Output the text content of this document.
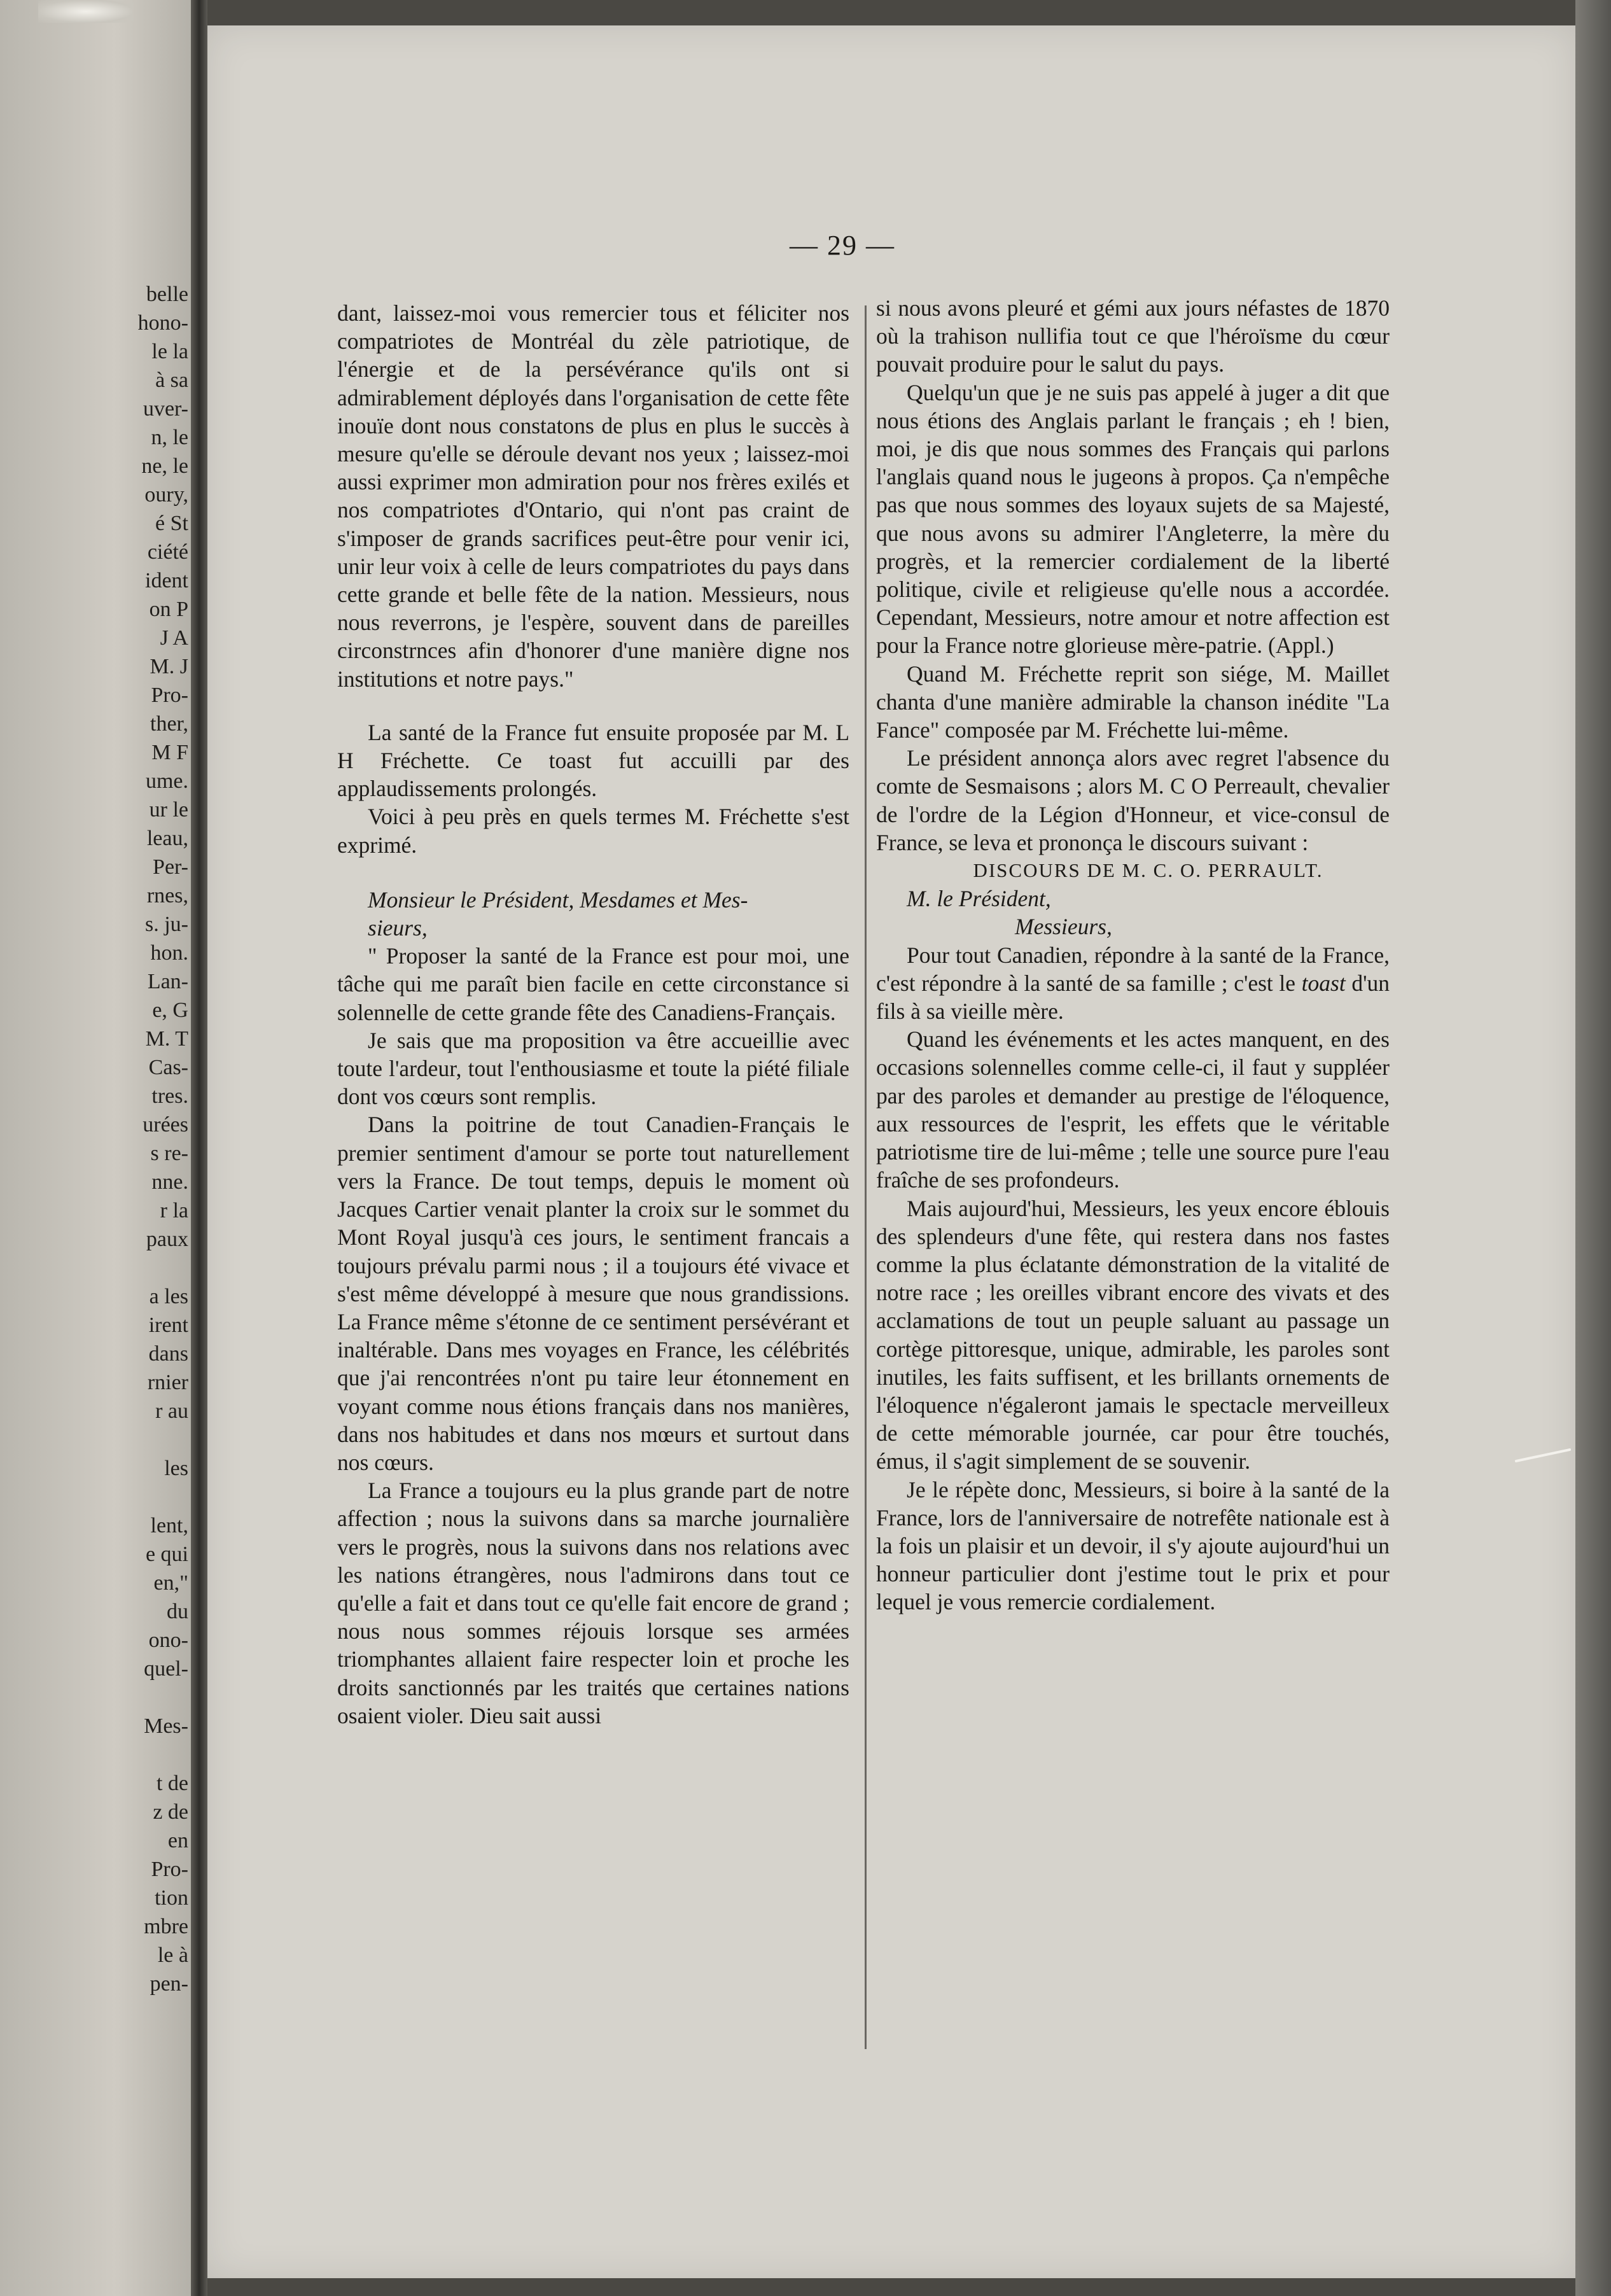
belle
hono-
le la
à sa
uver-
n, le
ne, le
oury,
é St
ciété
ident
on P
J A
M. J
Pro-
ther,
M F
ume.
ur le
leau,
Per-
rnes,
s. ju-
hon.
Lan-
e, G
M. T
Cas-
tres.
urées
s re-
nne.
r la
paux
a les
irent
dans
rnier
r au
les
lent,
e qui
en,"
du
ono-
quel-
Mes-
t de
z de
en
Pro-
tion
mbre
le à
pen-
— 29 —

dant, laissez-moi vous remercier tous et féliciter nos compatriotes de Montréal du zèle patriotique, de l'énergie et de la persévérance qu'ils ont si admirablement déployés dans l'organisation de cette fête inouïe dont nous constatons de plus en plus le succès à mesure qu'elle se déroule devant nos yeux ; laissez-moi aussi exprimer mon admiration pour nos frères exilés et nos compatriotes d'Ontario, qui n'ont pas craint de s'imposer de grands sacrifices peut-être pour venir ici, unir leur voix à celle de leurs compatriotes du pays dans cette grande et belle fête de la nation. Messieurs, nous nous reverrons, je l'espère, souvent dans de pareilles circonstrnces afin d'honorer d'une manière digne nos institutions et notre pays."

La santé de la France fut ensuite proposée par M. L H Fréchette. Ce toast fut accuilli par des applaudissements prolongés.

Voici à peu près en quels termes M. Fréchette s'est exprimé.

Monsieur le Président, Mesdames et Mes-
sieurs,

" Proposer la santé de la France est pour moi, une tâche qui me paraît bien facile en cette circonstance si solennelle de cette grande fête des Canadiens-Français.

Je sais que ma proposition va être accueillie avec toute l'ardeur, tout l'enthousiasme et toute la piété filiale dont vos cœurs sont remplis.

Dans la poitrine de tout Canadien-Français le premier sentiment d'amour se porte tout naturellement vers la France. De tout temps, depuis le moment où Jacques Cartier venait planter la croix sur le sommet du Mont Royal jusqu'à ces jours, le sentiment francais a toujours prévalu parmi nous ; il a toujours été vivace et s'est même développé à mesure que nous grandissions. La France même s'étonne de ce sentiment persévérant et inaltérable. Dans mes voyages en France, les célébrités que j'ai rencontrées n'ont pu taire leur étonnement en voyant comme nous étions français dans nos manières, dans nos habitudes et dans nos mœurs et surtout dans nos cœurs.

La France a toujours eu la plus grande part de notre affection ; nous la suivons dans sa marche journalière vers le progrès, nous la suivons dans nos relations avec les nations étrangères, nous l'admirons dans tout ce qu'elle a fait et dans tout ce qu'elle fait encore de grand ; nous nous sommes réjouis lorsque ses armées triomphantes allaient faire respecter loin et proche les droits sanctionnés par les traités que certaines nations osaient violer. Dieu sait aussi

si nous avons pleuré et gémi aux jours néfastes de 1870 où la trahison nullifia tout ce que l'héroïsme du cœur pouvait produire pour le salut du pays.

Quelqu'un que je ne suis pas appelé à juger a dit que nous étions des Anglais parlant le français ; eh ! bien, moi, je dis que nous sommes des Français qui parlons l'anglais quand nous le jugeons à propos. Ça n'empêche pas que nous sommes des loyaux sujets de sa Majesté, que nous avons su admirer l'Angleterre, la mère du progrès, et la remercier cordialement de la liberté politique, civile et religieuse qu'elle nous a accordée. Cependant, Messieurs, notre amour et notre affection est pour la France notre glorieuse mère-patrie. (Appl.)

Quand M. Fréchette reprit son siége, M. Maillet chanta d'une manière admirable la chanson inédite "La Fance" composée par M. Fréchette lui-même.

Le président annonça alors avec regret l'absence du comte de Sesmaisons ; alors M. C O Perreault, chevalier de l'ordre de la Légion d'Honneur, et vice-consul de France, se leva et prononça le discours suivant :

DISCOURS DE M. C. O. PERRAULT.

M. le Président,
Messieurs,

Pour tout Canadien, répondre à la santé de la France, c'est répondre à la santé de sa famille ; c'est le toast d'un fils à sa vieille mère.

Quand les événements et les actes manquent, en des occasions solennelles comme celle-ci, il faut y suppléer par des paroles et demander au prestige de l'éloquence, aux ressources de l'esprit, les effets que le véritable patriotisme tire de lui-même ; telle une source pure l'eau fraîche de ses profondeurs.

Mais aujourd'hui, Messieurs, les yeux encore éblouis des splendeurs d'une fête, qui restera dans nos fastes comme la plus éclatante démonstration de la vitalité de notre race ; les oreilles vibrant encore des vivats et des acclamations de tout un peuple saluant au passage un cortège pittoresque, unique, admirable, les paroles sont inutiles, les faits suffisent, et les brillants ornements de l'éloquence n'égaleront jamais le spectacle merveilleux de cette mémorable journée, car pour être touchés, émus, il s'agit simplement de se souvenir.

Je le répète donc, Messieurs, si boire à la santé de la France, lors de l'anniversaire de notrefête nationale est à la fois un plaisir et un devoir, il s'y ajoute aujourd'hui un honneur particulier dont j'estime tout le prix et pour lequel je vous remercie cordialement.
